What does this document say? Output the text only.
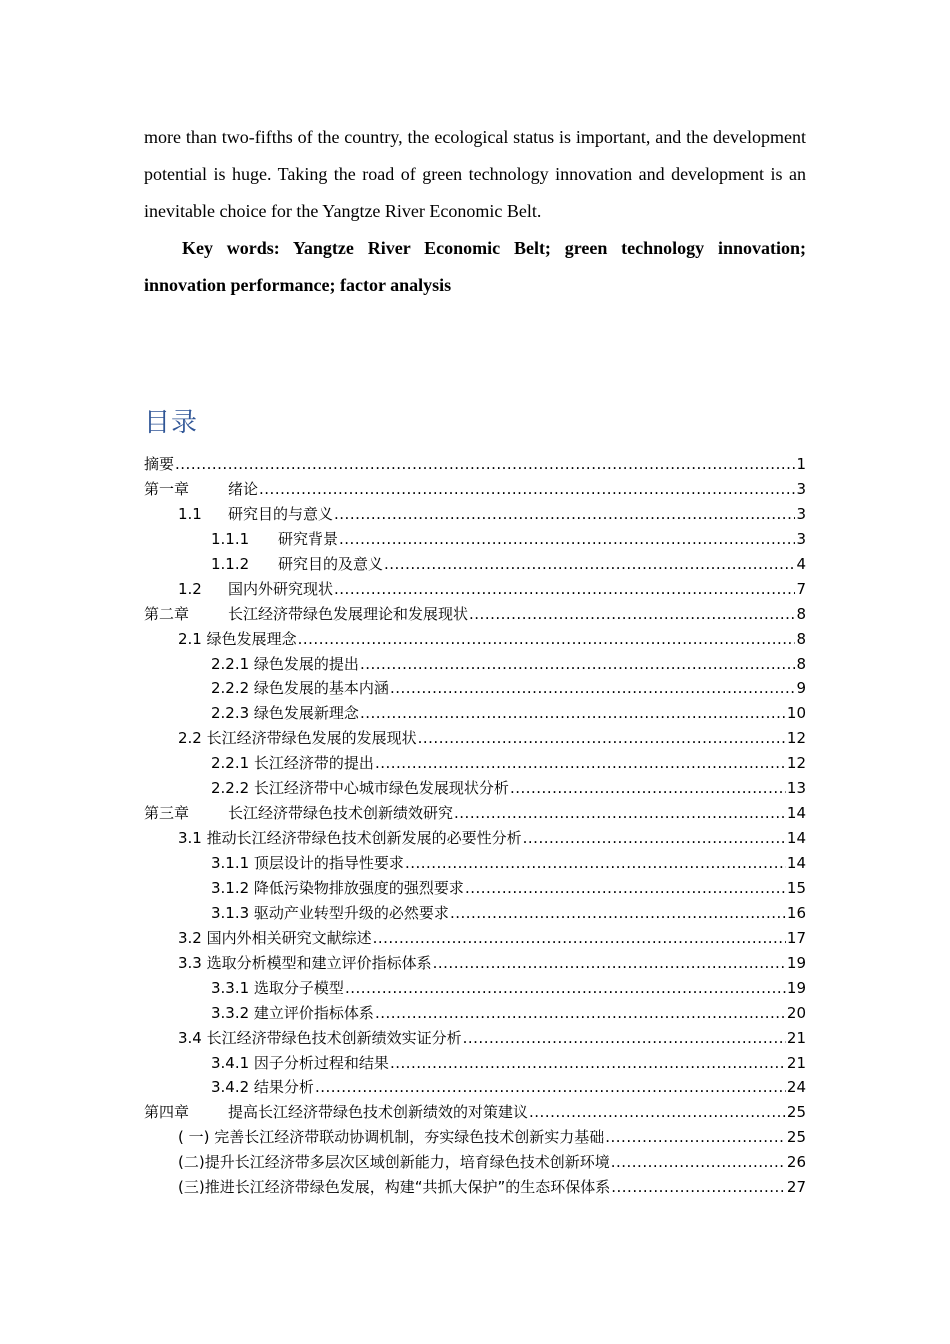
more than two-fifths of the country, the ecological status is important, and the development potential is huge. Taking the road of green technology innovation and development is an inevitable choice for the Yangtze River Economic Belt.

Key words: Yangtze River Economic Belt; green technology innovation; innovation performance; factor analysis

目录
摘要 .....	1
第一章	绪论 .....	3
1.1	研究目的与意义 .....	3
1.1.1	研究背景 .....	3
1.1.2	研究目的及意义 .....	4
1.2	国内外研究现状 .....	7
第二章	长江经济带绿色发展理论和发展现状 .....	8
2.1 绿色发展理念 .....	8
2.2.1 绿色发展的提出 .....	8
2.2.2 绿色发展的基本内涵 .....	9
2.2.3 绿色发展新理念 .....	10
2.2 长江经济带绿色发展的发展现状 .....	12
2.2.1 长江经济带的提出 .....	12
2.2.2 长江经济带中心城市绿色发展现状分析 .....	13
第三章	长江经济带绿色技术创新绩效研究 .....	14
3.1 推动长江经济带绿色技术创新发展的必要性分析 .....	14
3.1.1 顶层设计的指导性要求 .....	14
3.1.2 降低污染物排放强度的强烈要求 .....	15
3.1.3 驱动产业转型升级的必然要求 .....	16
3.2 国内外相关研究文献综述 .....	17
3.3 选取分析模型和建立评价指标体系 .....	19
3.3.1 选取分子模型 .....	19
3.3.2 建立评价指标体系 .....	20
3.4 长江经济带绿色技术创新绩效实证分析 .....	21
3.4.1 因子分析过程和结果 .....	21
3.4.2 结果分析 .....	24
第四章	提高长江经济带绿色技术创新绩效的对策建议 .....	25
( 一) 完善长江经济带联动协调机制，夯实绿色技术创新实力基础 .....	25
(二)提升长江经济带多层次区域创新能力，培育绿色技术创新环境 .....	26
(三)推进长江经济带绿色发展，构建“共抓大保护”的生态环保体系 .....	27
